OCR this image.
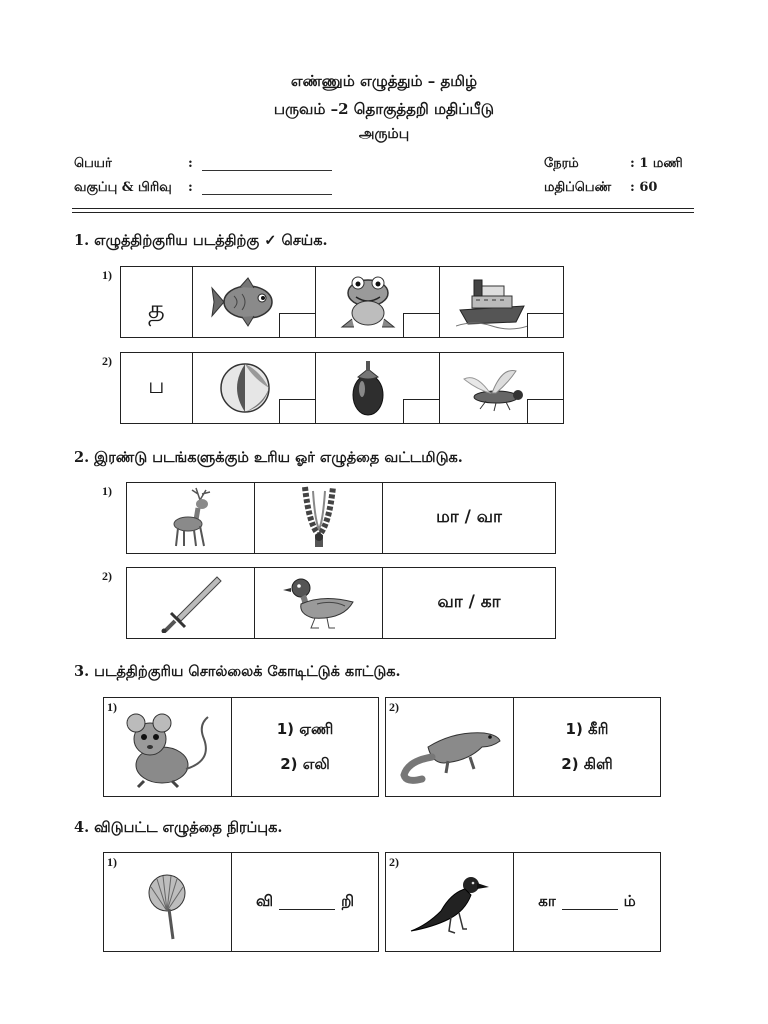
எண்ணும் எழுத்தும் – தமிழ்
பருவம் –2 தொகுத்தறி மதிப்பீடு
அரும்பு
பெயர்	:
வகுப்பு & பிரிவு :
நேரம்	: 1 மணி
மதிப்பெண் : 60
1. எழுத்திற்குரிய படத்திற்கு ✓ செய்க.
1)
த
2)
ப
2. இரண்டு படங்களுக்கும் உரிய ஓர் எழுத்தை வட்டமிடுக.
1)
மா / வா
2)
வா / கா
3. படத்திற்குரிய சொல்லைக் கோடிட்டுக் காட்டுக.
1)
1) ஏணி
2) எலி
2)
1) கீரி
2) கிளி
4. விடுபட்ட எழுத்தை நிரப்புக.
1)
வி	றி
2)
கா	ம்
